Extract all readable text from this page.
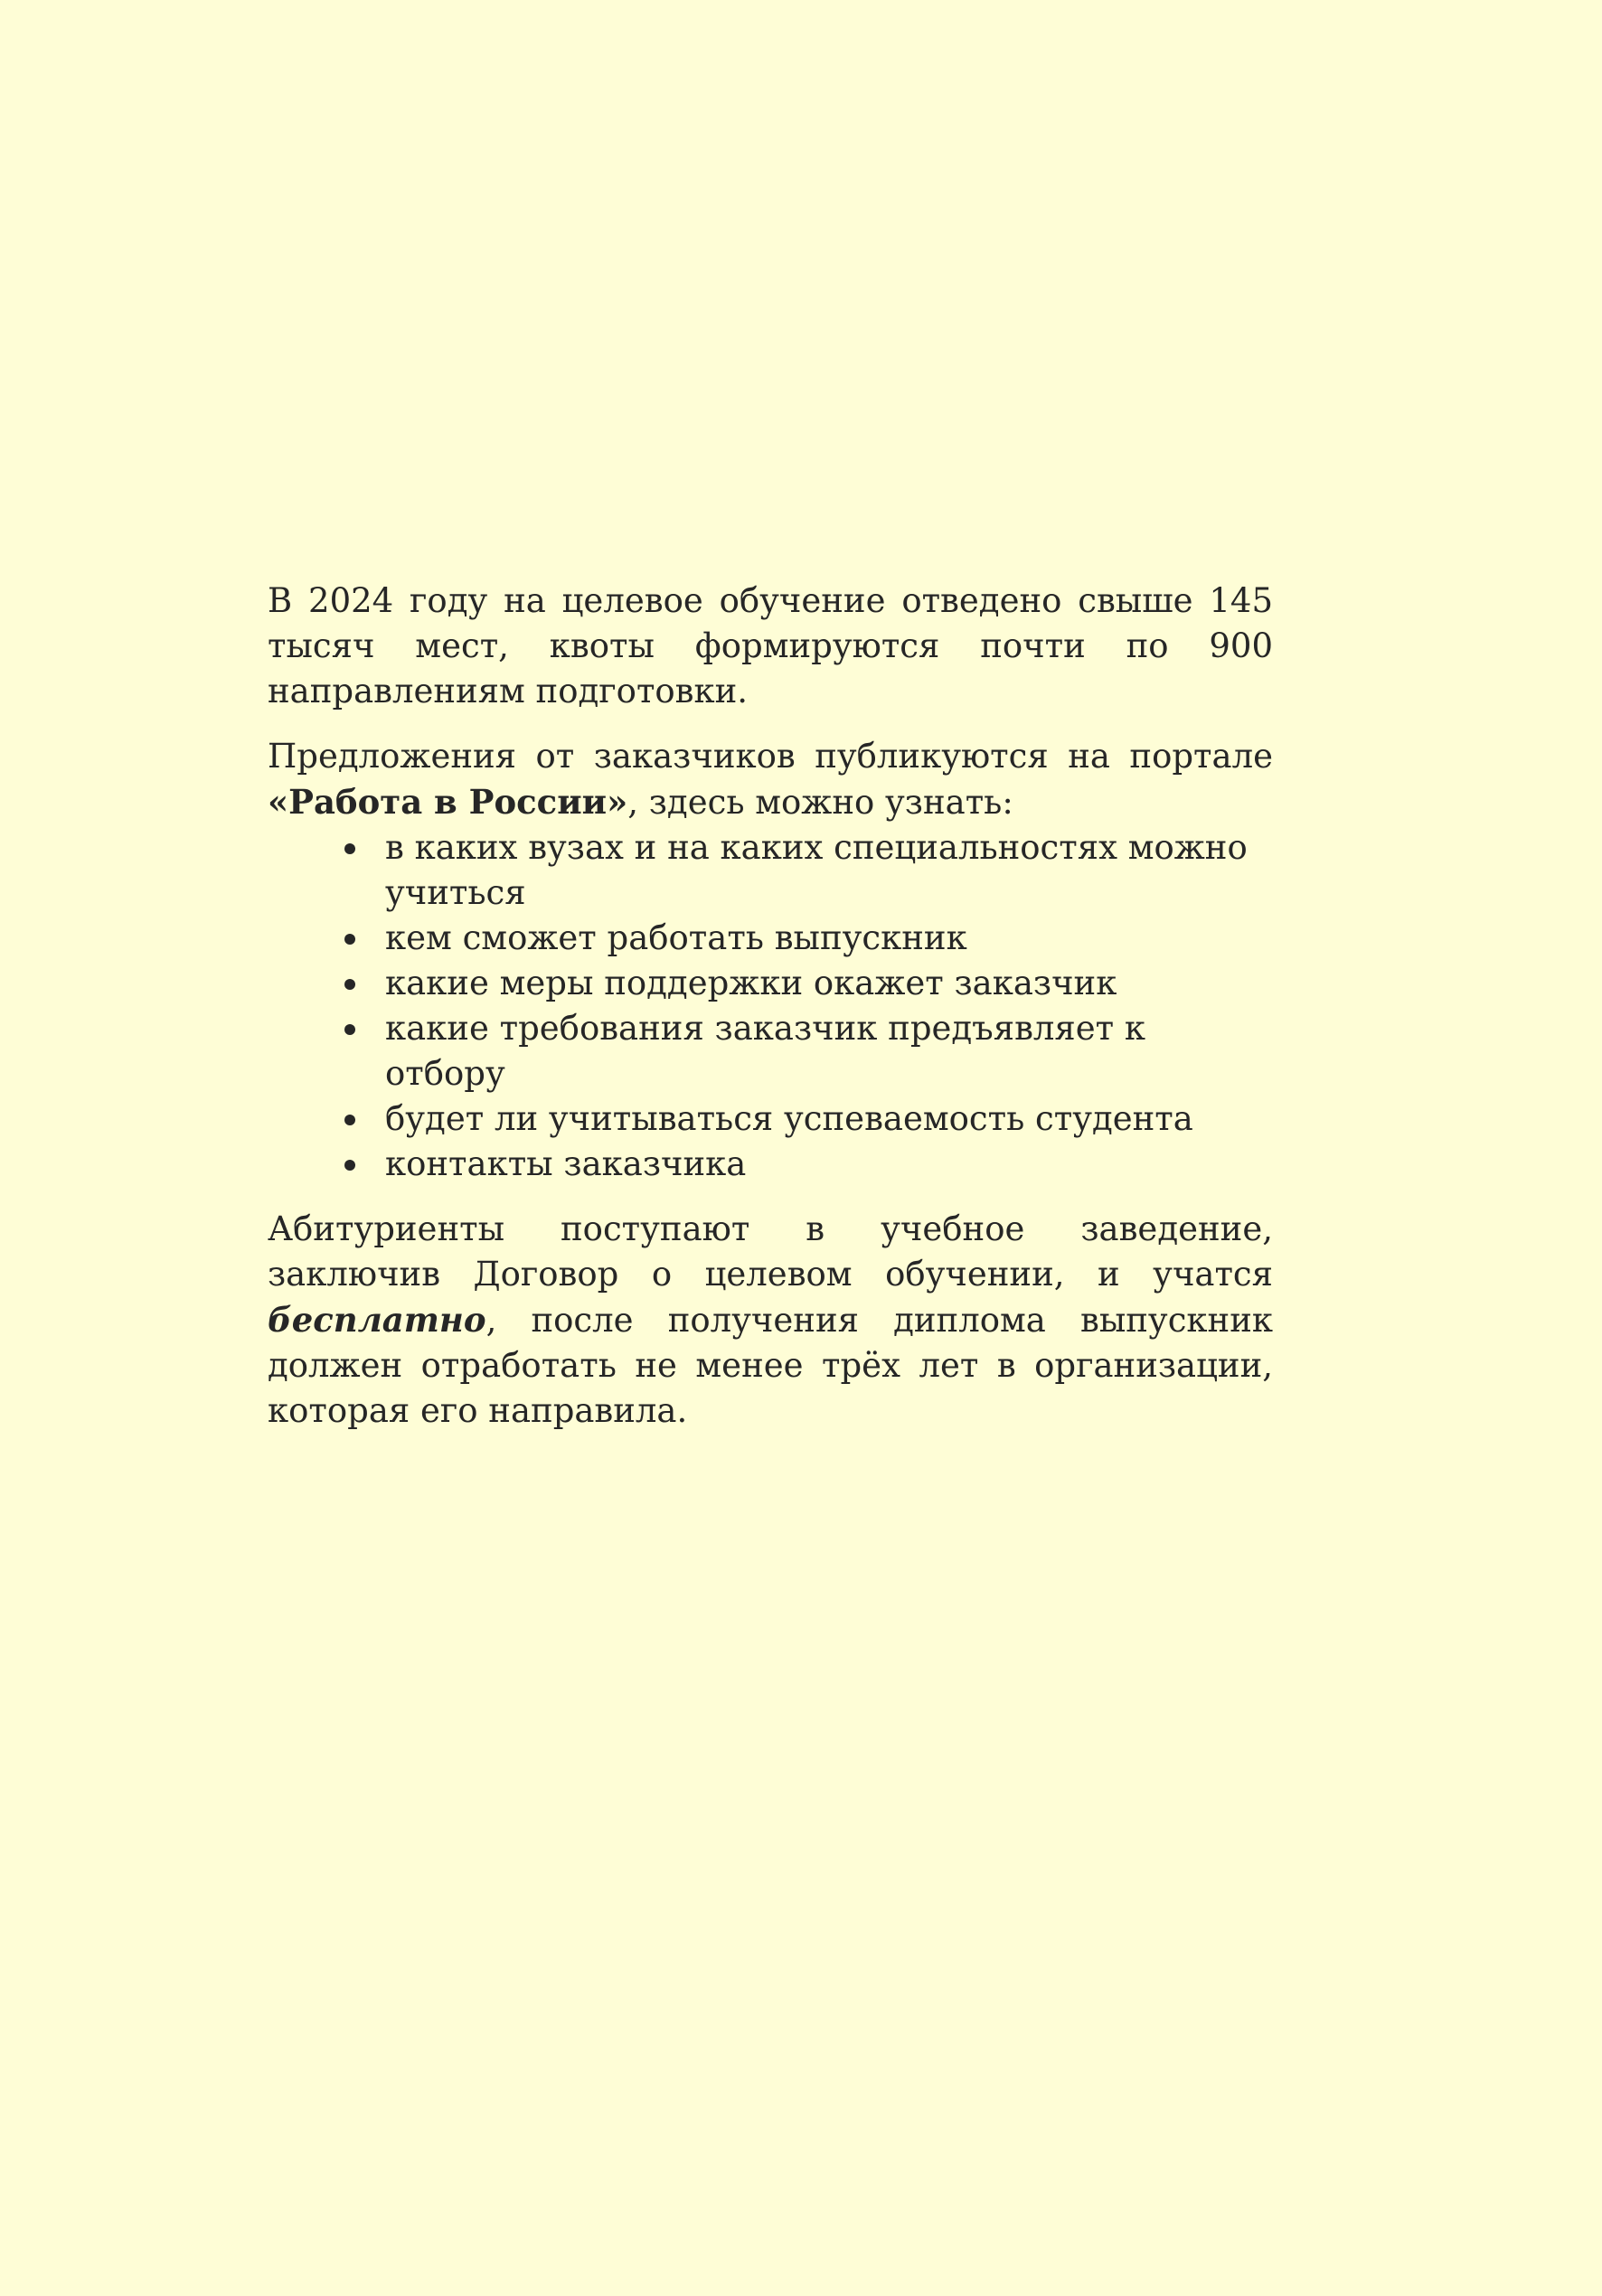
В 2024 году на целевое обучение отведено свыше 145 тысяч мест, квоты формируются почти по 900 направлениям подготовки.

Предложения от заказчиков публикуются на портале «Работа в России», здесь можно узнать:

в каких вузах и на каких специальностях можно учиться
кем сможет работать выпускник
какие меры поддержки окажет заказчик
какие требования заказчик предъявляет к отбору
будет ли учитываться успеваемость студента
контакты заказчика

Абитуриенты поступают в учебное заведение, заключив Договор о целевом обучении, и учатся бесплатно, после получения диплома выпускник должен отработать не менее трёх лет в организации, которая его направила.
